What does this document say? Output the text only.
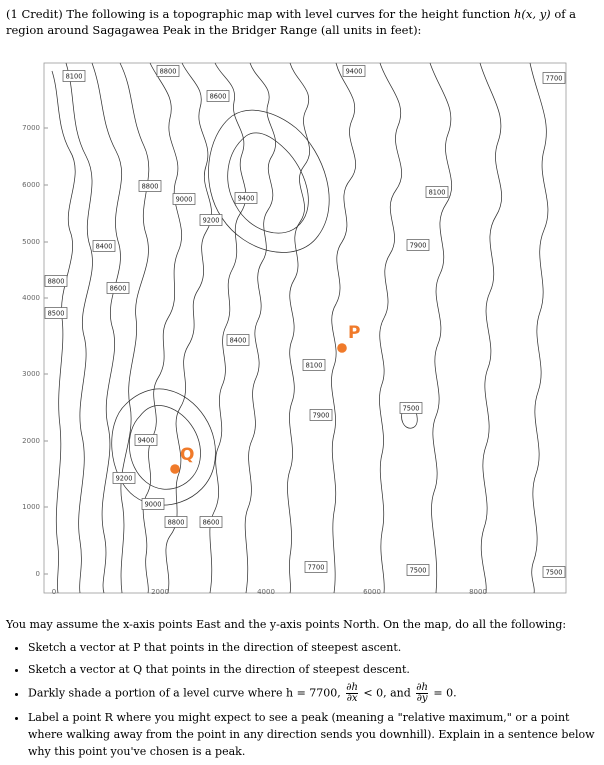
(1 Credit) The following is a topographic map with level curves for the height function h(x, y) of a region around Sagagawea Peak in the Bridger Range (all units in feet):
7000
6000
5000
4000
3000
2000
1000
0
0	2000	4000	6000	8000
8100
8800
8600
9400
7700
8800
9000	9400
8100
9200
8400	7900
8800
8600
8500
8400
8100
7500
7900
9400
9200
9000
8800	8600
7700	7500	7500
P
Q

You may assume the x-axis points East and the y-axis points North. On the map, do all the following:

• Sketch a vector at P that points in the direction of steepest ascent.
• Sketch a vector at Q that points in the direction of steepest descent.
• Darkly shade a portion of a level curve where h = 7700, $\frac{\partial h}{\partial x} < 0$, and $\frac{\partial h}{\partial y} = 0$.
• Label a point R where you might expect to see a peak (meaning a "relative maximum," or a point where walking away from the point in any direction sends you downhill). Explain in a sentence below why this point you've chosen is a peak.
